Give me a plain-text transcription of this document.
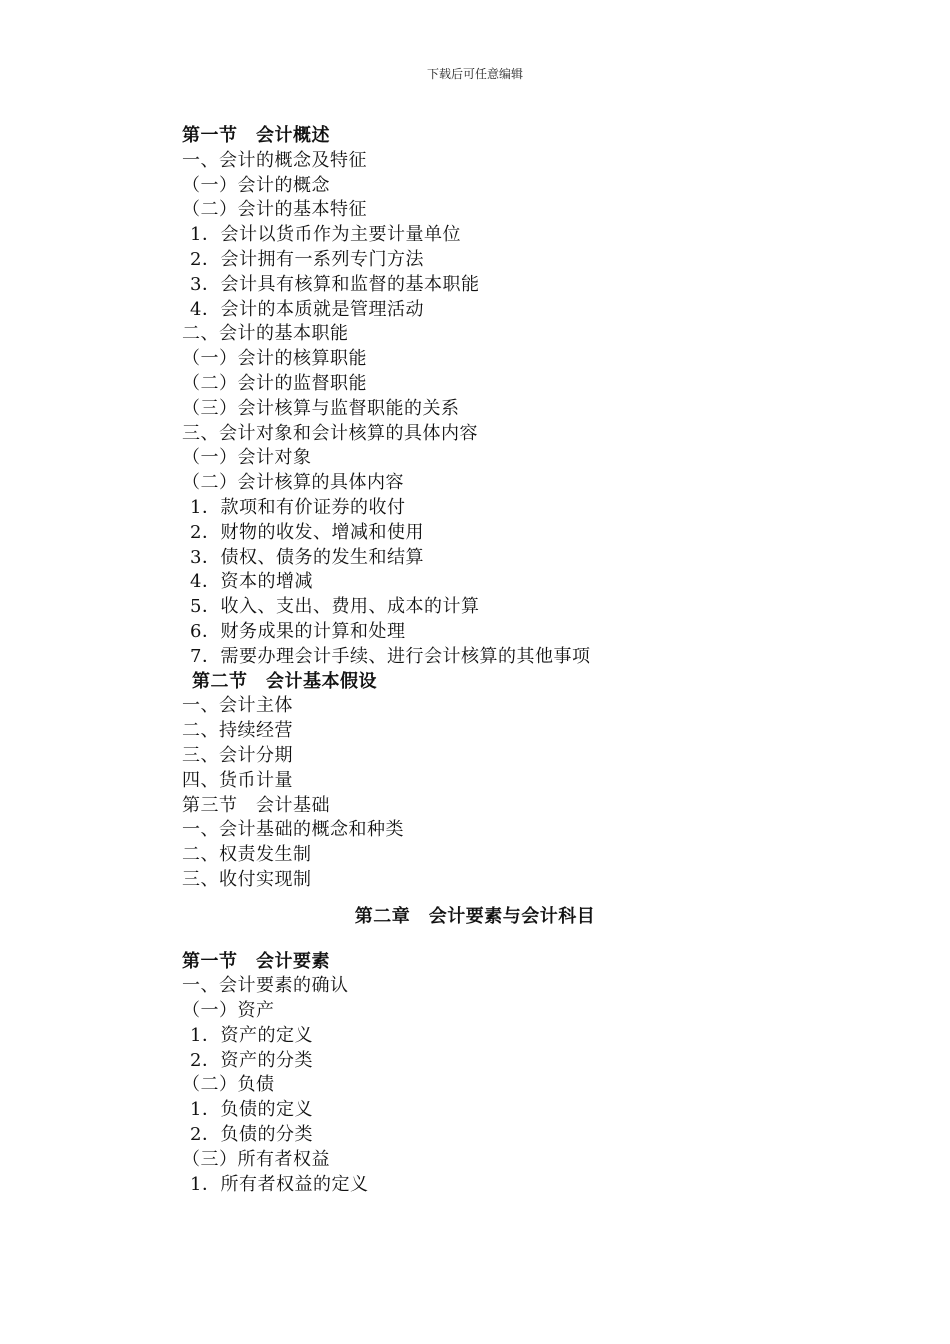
下载后可任意编辑
第一节　会计概述
一、会计的概念及特征
（一）会计的概念
（二）会计的基本特征
1．会计以货币作为主要计量单位
2．会计拥有一系列专门方法
3．会计具有核算和监督的基本职能
4．会计的本质就是管理活动
二、会计的基本职能
（一）会计的核算职能
（二）会计的监督职能
（三）会计核算与监督职能的关系
三、会计对象和会计核算的具体内容
（一）会计对象
（二）会计核算的具体内容
1．款项和有价证券的收付
2．财物的收发、增减和使用
3．债权、债务的发生和结算
4．资本的增减
5．收入、支出、费用、成本的计算
6．财务成果的计算和处理
7．需要办理会计手续、进行会计核算的其他事项
第二节　会计基本假设
一、会计主体
二、持续经营
三、会计分期
四、货币计量
第三节　会计基础
一、会计基础的概念和种类
二、权责发生制
三、收付实现制
第二章　会计要素与会计科目
第一节　会计要素
一、会计要素的确认
（一）资产
1．资产的定义
2．资产的分类
（二）负债
1．负债的定义
2．负债的分类
（三）所有者权益
1．所有者权益的定义
